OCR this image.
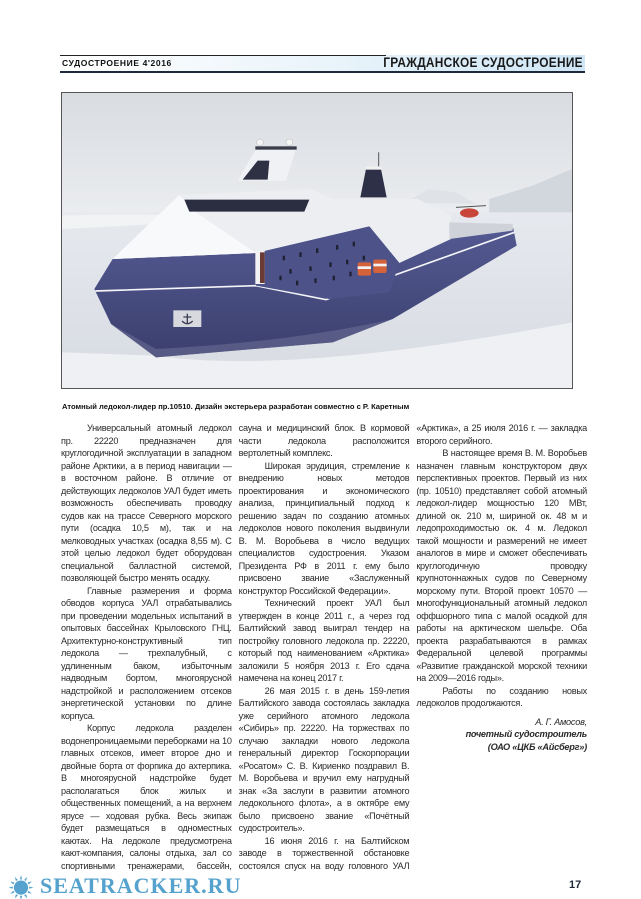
СУДОСТРОЕНИЕ 4'2016	ГРАЖДАНСКОЕ СУДОСТРОЕНИЕ
Атомный ледокол-лидер пр.10510. Дизайн экстерьера разработан совместно с Р. Каретным

Универсальный атомный ледокол пр. 22220 предназначен для круглогодичной эксплуатации в западном районе Арктики, а в период навигации — в восточном районе. В отличие от действующих ледоколов УАЛ будет иметь возможность обеспечивать проводку судов как на трассе Северного морского пути (осадка 10,5 м), так и на мелководных участках (осадка 8,55 м). С этой целью ледокол будет оборудован специальной балластной системой, позволяющей быстро менять осадку.

Главные размерения и форма обводов корпуса УАЛ отрабатывались при проведении модельных испытаний в опытовых бассейнах Крыловского ГНЦ. Архитектурно-конструктивный тип ледокола — трехпалубный, с удлиненным баком, избыточным надводным бортом, многоярусной надстройкой и расположением отсеков энергетической установки по длине корпуса.

Корпус ледокола разделен водонепроницаемыми переборками на 10 главных отсеков, имеет второе дно и двойные борта от форпика до ахтерпика. В многоярусной надстройке будет располагаться блок жилых и общественных помещений, а на верхнем ярусе — ходовая рубка. Весь экипаж будет размещаться в одноместных каютах. На ледоколе предусмотрена кают-компания, салоны отдыха, зал со спортивными тренажерами, бассейн, сауна и медицинский блок. В кормовой части ледокола расположится вертолетный комплекс.

Широкая эрудиция, стремление к внедрению новых методов проектирования и экономического анализа, принципиальный подход к решению задач по созданию атомных ледоколов нового поколения выдвинули В. М. Воробьева в число ведущих специалистов судостроения. Указом Президента РФ в 2011 г. ему было присвоено звание «Заслуженный конструктор Российской Федерации».

Технический проект УАЛ был утвержден в конце 2011 г., а через год Балтийский завод выиграл тендер на постройку головного ледокола пр. 22220, который под наименованием «Арктика» заложили 5 ноября 2013 г. Его сдача намечена на конец 2017 г.

26 мая 2015 г. в день 159-летия Балтийского завода состоялась закладка уже серийного атомного ледокола «Сибирь» пр. 22220. На торжествах по случаю закладки нового ледокола генеральный директор Госкорпорации «Росатом» С. В. Кириенко поздравил В. М. Воробьева и вручил ему нагрудный знак «За заслуги в развитии атомного ледокольного флота», а в октябре ему было присвоено звание «Почётный судостроитель».

16 июня 2016 г. на Балтийском заводе в торжественной обстановке состоялся спуск на воду головного УАЛ «Арктика», а 25 июля 2016 г. — закладка второго серийного.

В настоящее время В. М. Воробьев назначен главным конструктором двух перспективных проектов. Первый из них (пр. 10510) представляет собой атомный ледокол-лидер мощностью 120 МВт, длиной ок. 210 м, шириной ок. 48 м и ледопроходимостью ок. 4 м. Ледокол такой мощности и размерений не имеет аналогов в мире и сможет обеспечивать круглогодичную проводку крупнотоннажных судов по Северному морскому пути. Второй проект 10570 — многофункциональный атомный ледокол оффшорного типа с малой осадкой для работы на арктическом шельфе. Оба проекта разрабатываются в рамках Федеральной целевой программы «Развитие гражданской морской техники на 2009—2016 годы».

Работы по созданию новых ледоколов продолжаются.

А. Г. Амосов,
почетный судостроитель
(ОАО «ЦКБ «Айсберг»)
SEATRACKER.RU	17
